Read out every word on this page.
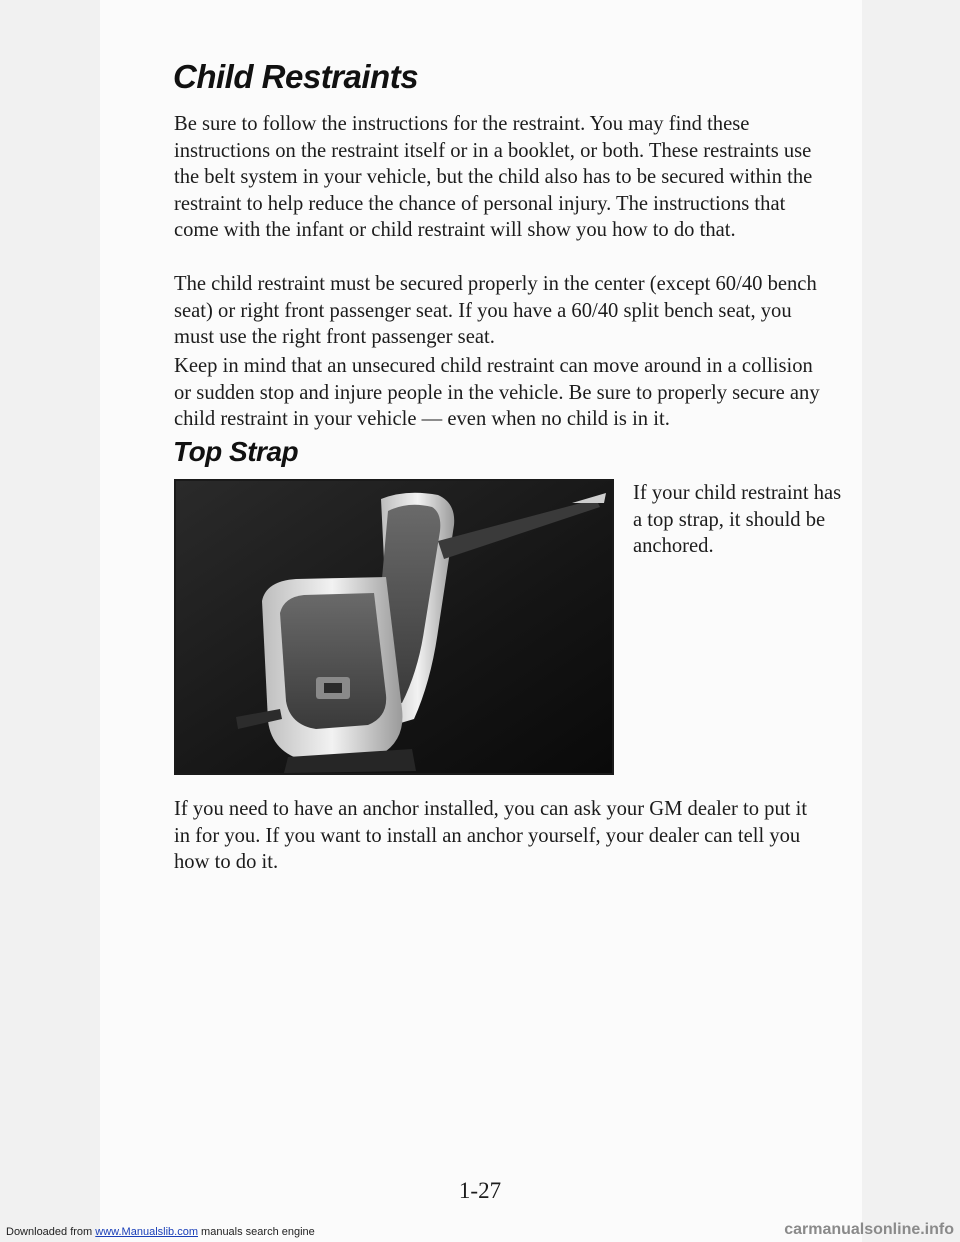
Child Restraints

Be sure to follow the instructions for the restraint. You may find these instructions on the restraint itself or in a booklet, or both. These restraints use the belt system in your vehicle, but the child also has to be secured within the restraint to help reduce the chance of personal injury. The instructions that come with the infant or child restraint will show you how to do that.

The child restraint must be secured properly in the center (except 60/40 bench seat) or right front passenger seat. If you have a 60/40 split bench seat, you must use the right front passenger seat.

Keep in mind that an unsecured child restraint can move around in a collision or sudden stop and injure people in the vehicle. Be sure to properly secure any child restraint in your vehicle — even when no child is in it.

Top Strap

If your child restraint has a top strap, it should be anchored.

If you need to have an anchor installed, you can ask your GM dealer to put it in for you. If you want to install an anchor yourself, your dealer can tell you how to do it.

1-27

Downloaded from www.Manualslib.com manuals search engine	carmanualsonline.info
